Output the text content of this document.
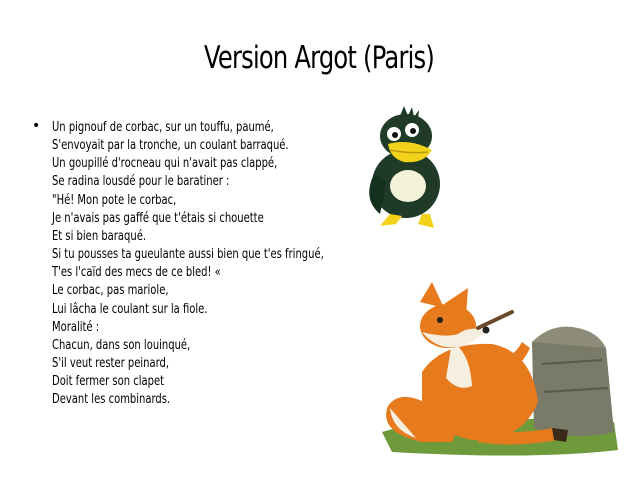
Version Argot (Paris)
• Un pignouf de corbac, sur un touffu, paumé,
S'envoyait par la tronche, un coulant barraqué.
Un goupillé d'rocneau qui n'avait pas clappé,
Se radina lousdé pour le baratiner :
"Hé! Mon pote le corbac,
Je n'avais pas gaffé que t'étais si chouette
Et si bien baraqué.
Si tu pousses ta gueulante aussi bien que t'es fringué,
T'es l'caïd des mecs de ce bled! «
Le corbac, pas mariole,
Lui lâcha le coulant sur la fiole.
Moralité :
Chacun, dans son louinqué,
S'il veut rester peinard,
Doit fermer son clapet
Devant les combinards.
